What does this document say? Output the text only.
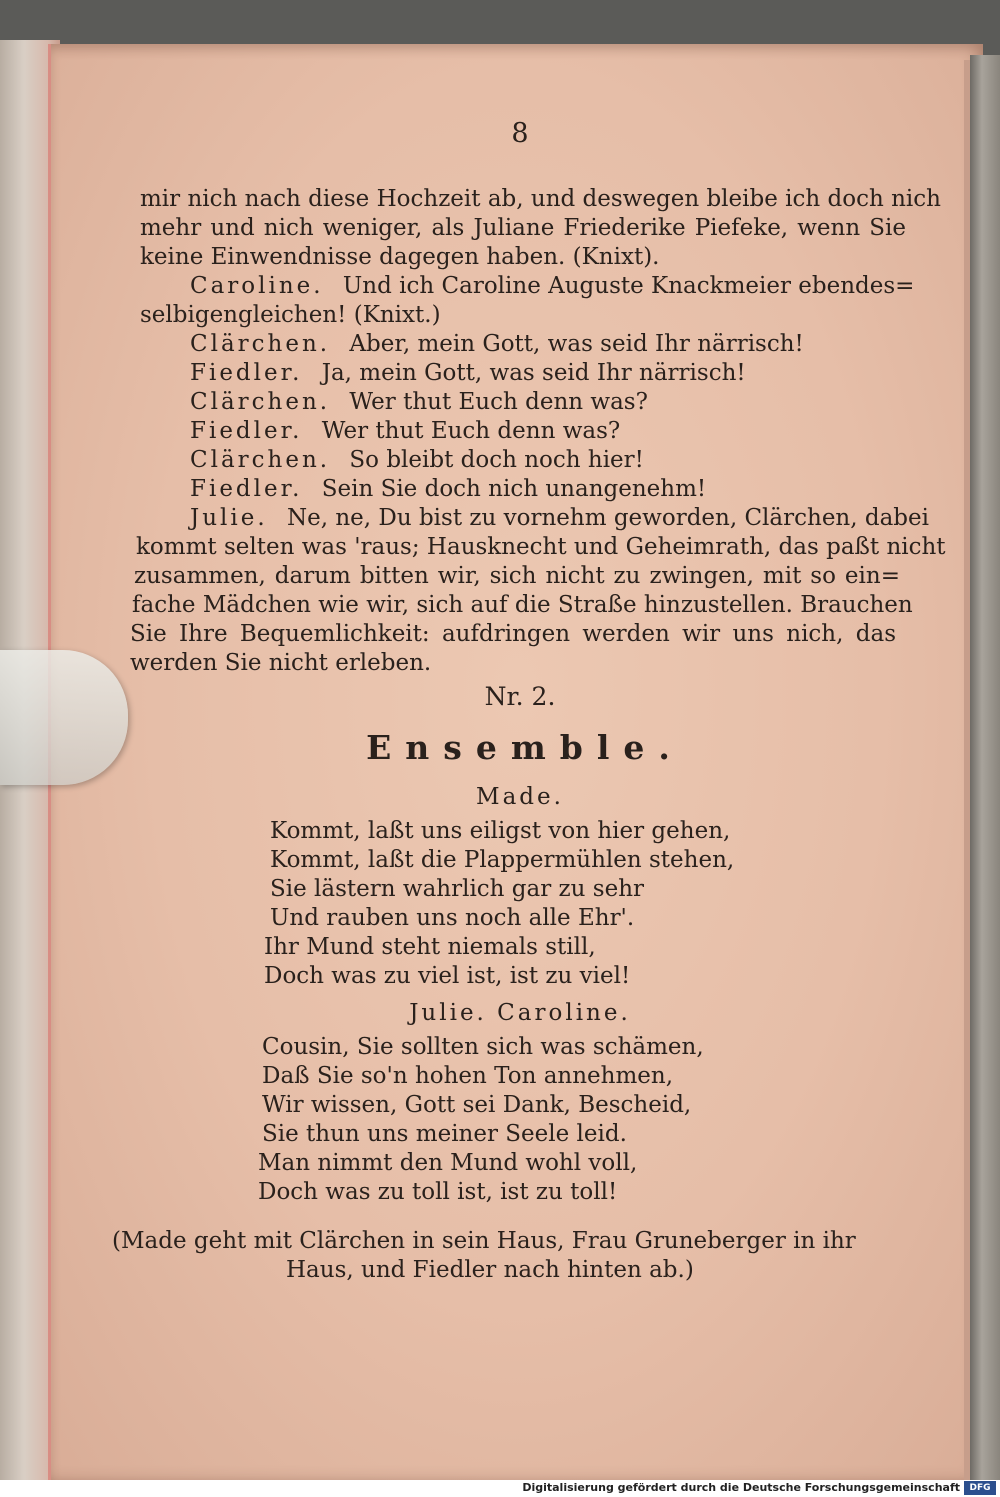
8
mir nich nach diese Hochzeit ab, und deswegen bleibe ich doch nich
mehr und nich weniger, als Juliane Friederike Piefeke, wenn Sie
keine Einwendnisse dagegen haben. (Knixt).
Caroline. Und ich Caroline Auguste Knackmeier ebendes=
selbigengleichen! (Knixt.)
Clärchen. Aber, mein Gott, was seid Ihr närrisch!
Fiedler. Ja, mein Gott, was seid Ihr närrisch!
Clärchen. Wer thut Euch denn was?
Fiedler. Wer thut Euch denn was?
Clärchen. So bleibt doch noch hier!
Fiedler. Sein Sie doch nich unangenehm!
Julie. Ne, ne, Du bist zu vornehm geworden, Clärchen, dabei
kommt selten was 'raus; Hausknecht und Geheimrath, das paßt nicht
zusammen, darum bitten wir, sich nicht zu zwingen, mit so ein=
fache Mädchen wie wir, sich auf die Straße hinzustellen. Brauchen
Sie Ihre Bequemlichkeit: aufdringen werden wir uns nich, das
werden Sie nicht erleben.
Nr. 2.
Ensemble.
Made.
Kommt, laßt uns eiligst von hier gehen,
Kommt, laßt die Plappermühlen stehen,
Sie lästern wahrlich gar zu sehr
Und rauben uns noch alle Ehr'.
Ihr Mund steht niemals still,
Doch was zu viel ist, ist zu viel!
Julie. Caroline.
Cousin, Sie sollten sich was schämen,
Daß Sie so'n hohen Ton annehmen,
Wir wissen, Gott sei Dank, Bescheid,
Sie thun uns meiner Seele leid.
Man nimmt den Mund wohl voll,
Doch was zu toll ist, ist zu toll!
(Made geht mit Clärchen in sein Haus, Frau Gruneberger in ihr
Haus, und Fiedler nach hinten ab.)
Digitalisierung gefördert durch die Deutsche Forschungsgemeinschaft	DFG
